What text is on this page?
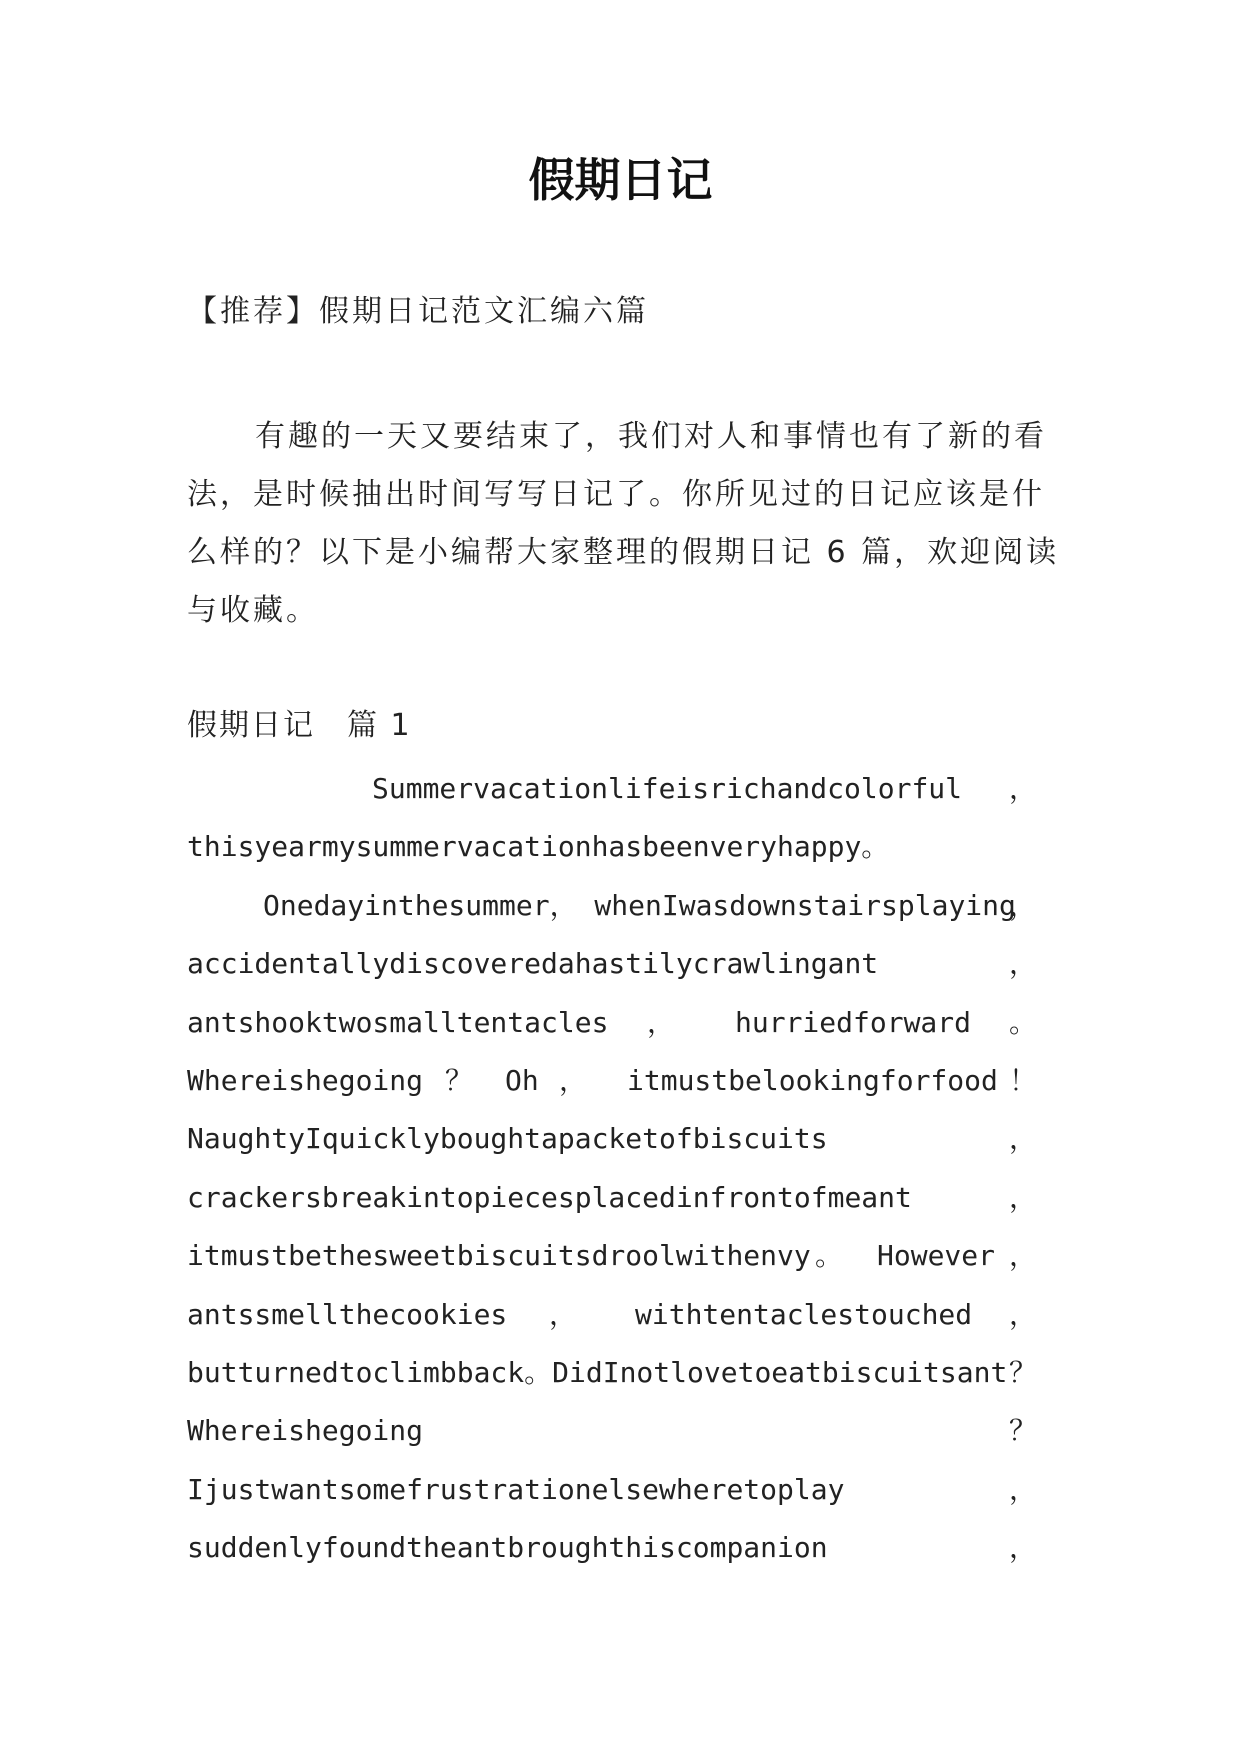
假期日记
【推荐】假期日记范文汇编六篇
有趣的一天又要结束了，我们对人和事情也有了新的看
法，是时候抽出时间写写日记了。你所见过的日记应该是什
么样的？以下是小编帮大家整理的假期日记 6 篇，欢迎阅读
与收藏。
假期日记　篇 1
Summervacationlifeisrichandcolorful ，
thisyearmysummervacationhasbeenveryhappy。
Onedayinthesummer， whenIwasdownstairsplaying
，
accidentallydiscoveredahastilycrawlingant	，
antshooktwosmalltentacles ， hurriedforward 。
Whereishegoing ？ Oh ， itmustbelookingforfood ！
NaughtyIquicklyboughtapacketofbiscuits	，
crackersbreakintopiecesplacedinfrontofmeant	，
itmustbethesweetbiscuitsdroolwithenvy 。 However ，
antssmellthecookies ， withtentaclestouched ，
butturnedtoclimbback。DidInotlovetoeatbiscuitsant ？
Whereishegoing	？
Ijustwantsomefrustrationelsewheretoplay	，
suddenlyfoundtheantbroughthiscompanion	，
